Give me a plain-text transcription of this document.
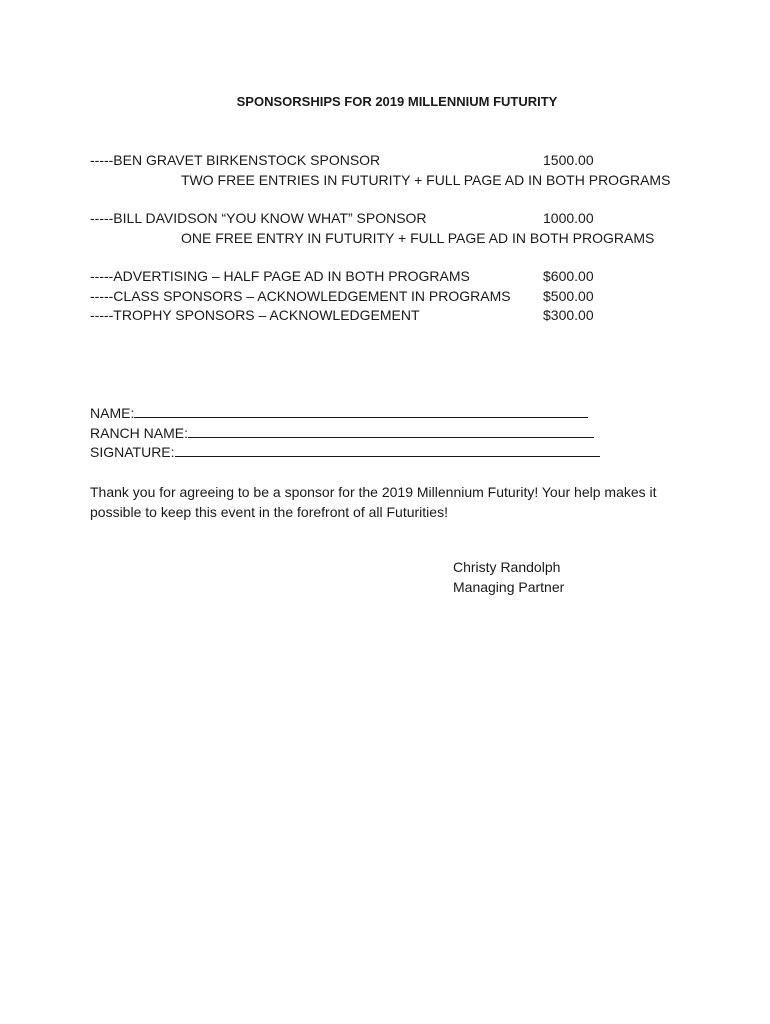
SPONSORSHIPS FOR 2019 MILLENNIUM FUTURITY
-----BEN GRAVET BIRKENSTOCK SPONSOR	1500.00
TWO FREE ENTRIES IN FUTURITY + FULL PAGE AD IN BOTH PROGRAMS
-----BILL DAVIDSON “YOU KNOW WHAT” SPONSOR	1000.00
ONE FREE ENTRY IN FUTURITY + FULL PAGE AD IN BOTH PROGRAMS
-----ADVERTISING – HALF PAGE AD IN BOTH PROGRAMS	$600.00
-----CLASS SPONSORS – ACKNOWLEDGEMENT IN PROGRAMS $500.00
-----TROPHY SPONSORS – ACKNOWLEDGEMENT	$300.00
NAME:
RANCH NAME:
SIGNATURE:
Thank you for agreeing to be a sponsor for the 2019 Millennium Futurity! Your help makes it possible to keep this event in the forefront of all Futurities!
Christy Randolph
Managing Partner
